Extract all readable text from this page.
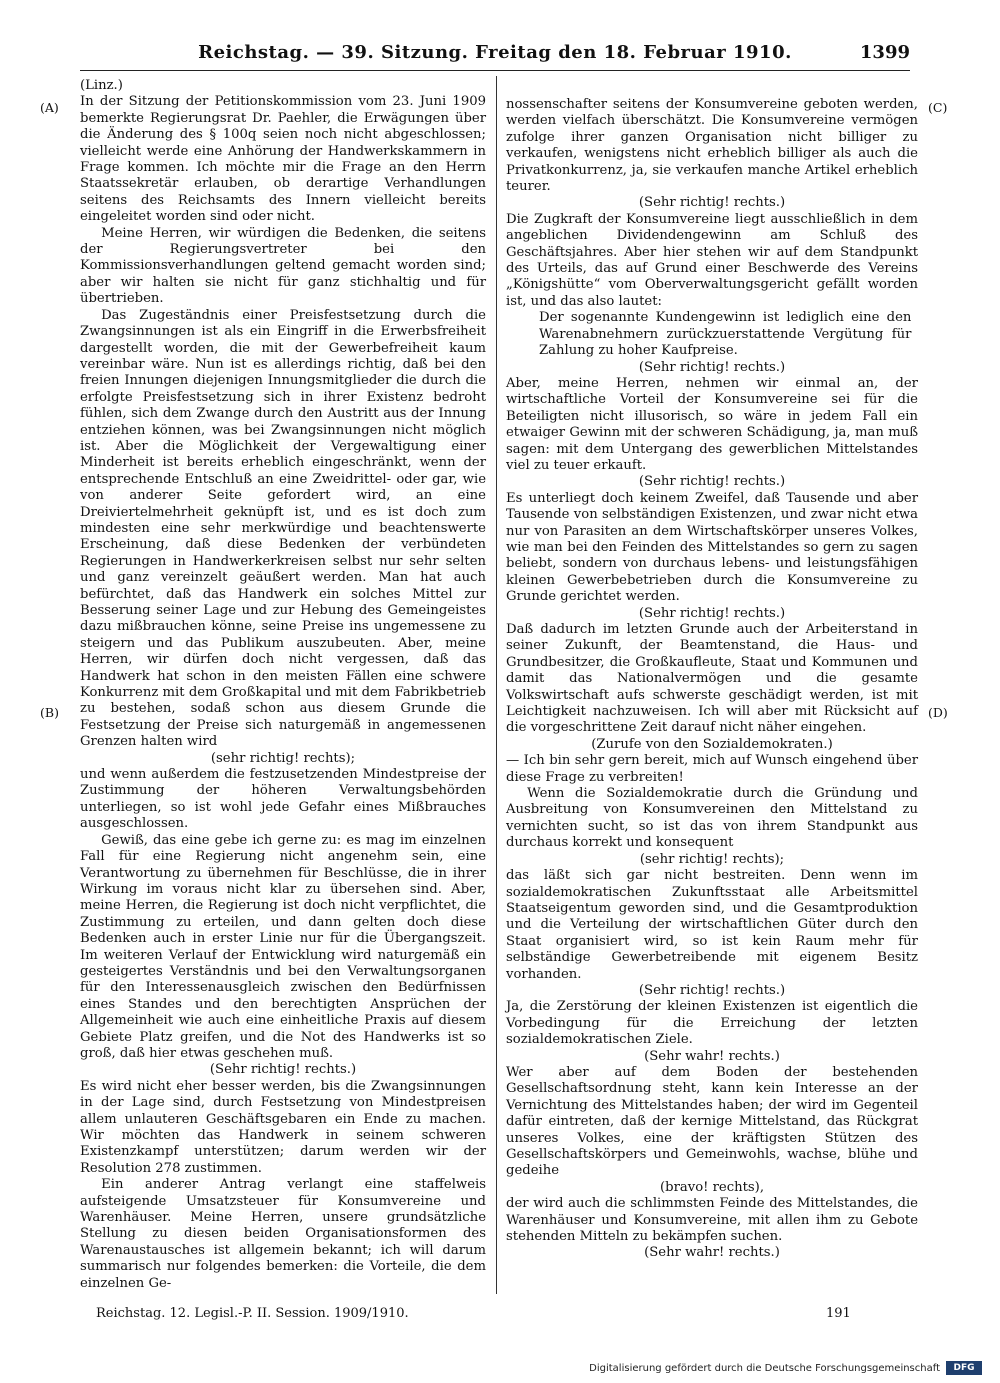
Reichstag. — 39. Sitzung. Freitag den 18. Februar 1910.	1399
(A)
(B)
(C)
(D)

(Linz.)

In der Sitzung der Petitionskommission vom 23. Juni 1909 bemerkte Regierungsrat Dr. Paehler, die Erwägungen über die Änderung des § 100q seien noch nicht abgeschlossen; vielleicht werde eine Anhörung der Handwerkskammern in Frage kommen. Ich möchte mir die Frage an den Herrn Staatssekretär erlauben, ob derartige Verhandlungen seitens des Reichsamts des Innern vielleicht bereits eingeleitet worden sind oder nicht.

Meine Herren, wir würdigen die Bedenken, die seitens der Regierungsvertreter bei den Kommissionsverhandlungen geltend gemacht worden sind; aber wir halten sie nicht für ganz stichhaltig und für übertrieben.

Das Zugeständnis einer Preisfestsetzung durch die Zwangsinnungen ist als ein Eingriff in die Erwerbsfreiheit dargestellt worden, die mit der Gewerbefreiheit kaum vereinbar wäre. Nun ist es allerdings richtig, daß bei den freien Innungen diejenigen Innungsmitglieder die durch die erfolgte Preisfestsetzung sich in ihrer Existenz bedroht fühlen, sich dem Zwange durch den Austritt aus der Innung entziehen können, was bei Zwangsinnungen nicht möglich ist. Aber die Möglichkeit der Vergewaltigung einer Minderheit ist bereits erheblich eingeschränkt, wenn der entsprechende Entschluß an eine Zweidrittel- oder gar, wie von anderer Seite gefordert wird, an eine Dreiviertelmehrheit geknüpft ist, und es ist doch zum mindesten eine sehr merkwürdige und beachtenswerte Erscheinung, daß diese Bedenken der verbündeten Regierungen in Handwerkerkreisen selbst nur sehr selten und ganz vereinzelt geäußert werden. Man hat auch befürchtet, daß das Handwerk ein solches Mittel zur Besserung seiner Lage und zur Hebung des Gemeingeistes dazu mißbrauchen könne, seine Preise ins ungemessene zu steigern und das Publikum auszubeuten. Aber, meine Herren, wir dürfen doch nicht vergessen, daß das Handwerk hat schon in den meisten Fällen eine schwere Konkurrenz mit dem Großkapital und mit dem Fabrikbetrieb zu bestehen, sodaß schon aus diesem Grunde die Festsetzung der Preise sich naturgemäß in angemessenen Grenzen halten wird

(sehr richtig! rechts);

und wenn außerdem die festzusetzenden Mindestpreise der Zustimmung der höheren Verwaltungsbehörden unterliegen, so ist wohl jede Gefahr eines Mißbrauches ausgeschlossen.

Gewiß, das eine gebe ich gerne zu: es mag im einzelnen Fall für eine Regierung nicht angenehm sein, eine Verantwortung zu übernehmen für Beschlüsse, die in ihrer Wirkung im voraus nicht klar zu übersehen sind. Aber, meine Herren, die Regierung ist doch nicht verpflichtet, die Zustimmung zu erteilen, und dann gelten doch diese Bedenken auch in erster Linie nur für die Übergangszeit. Im weiteren Verlauf der Entwicklung wird naturgemäß ein gesteigertes Verständnis und bei den Verwaltungsorganen für den Interessenausgleich zwischen den Bedürfnissen eines Standes und den berechtigten Ansprüchen der Allgemeinheit wie auch eine einheitliche Praxis auf diesem Gebiete Platz greifen, und die Not des Handwerks ist so groß, daß hier etwas geschehen muß.

(Sehr richtig! rechts.)

Es wird nicht eher besser werden, bis die Zwangsinnungen in der Lage sind, durch Festsetzung von Mindestpreisen allem unlauteren Geschäftsgebaren ein Ende zu machen. Wir möchten das Handwerk in seinem schweren Existenzkampf unterstützen; darum werden wir der Resolution 278 zustimmen.

Ein anderer Antrag verlangt eine staffelweis aufsteigende Umsatzsteuer für Konsumvereine und Warenhäuser. Meine Herren, unsere grundsätzliche Stellung zu diesen beiden Organisationsformen des Warenaustausches ist allgemein bekannt; ich will darum summarisch nur folgendes bemerken: die Vorteile, die dem einzelnen Ge-

nossenschafter seitens der Konsumvereine geboten werden, werden vielfach überschätzt. Die Konsumvereine vermögen zufolge ihrer ganzen Organisation nicht billiger zu verkaufen, wenigstens nicht erheblich billiger als auch die Privatkonkurrenz, ja, sie verkaufen manche Artikel erheblich teurer.

(Sehr richtig! rechts.)

Die Zugkraft der Konsumvereine liegt ausschließlich in dem angeblichen Dividendengewinn am Schluß des Geschäftsjahres. Aber hier stehen wir auf dem Standpunkt des Urteils, das auf Grund einer Beschwerde des Vereins „Königshütte“ vom Oberverwaltungsgericht gefällt worden ist, und das also lautet:

Der sogenannte Kundengewinn ist lediglich eine den Warenabnehmern zurückzuerstattende Vergütung für Zahlung zu hoher Kaufpreise.

(Sehr richtig! rechts.)

Aber, meine Herren, nehmen wir einmal an, der wirtschaftliche Vorteil der Konsumvereine sei für die Beteiligten nicht illusorisch, so wäre in jedem Fall ein etwaiger Gewinn mit der schweren Schädigung, ja, man muß sagen: mit dem Untergang des gewerblichen Mittelstandes viel zu teuer erkauft.

(Sehr richtig! rechts.)

Es unterliegt doch keinem Zweifel, daß Tausende und aber Tausende von selbständigen Existenzen, und zwar nicht etwa nur von Parasiten an dem Wirtschaftskörper unseres Volkes, wie man bei den Feinden des Mittelstandes so gern zu sagen beliebt, sondern von durchaus lebens- und leistungsfähigen kleinen Gewerbebetrieben durch die Konsumvereine zu Grunde gerichtet werden.

(Sehr richtig! rechts.)

Daß dadurch im letzten Grunde auch der Arbeiterstand in seiner Zukunft, der Beamtenstand, die Haus- und Grundbesitzer, die Großkaufleute, Staat und Kommunen und damit das Nationalvermögen und die gesamte Volkswirtschaft aufs schwerste geschädigt werden, ist mit Leichtigkeit nachzuweisen. Ich will aber mit Rücksicht auf die vorgeschrittene Zeit darauf nicht näher eingehen.

(Zurufe von den Sozialdemokraten.)

— Ich bin sehr gern bereit, mich auf Wunsch eingehend über diese Frage zu verbreiten!

Wenn die Sozialdemokratie durch die Gründung und Ausbreitung von Konsumvereinen den Mittelstand zu vernichten sucht, so ist das von ihrem Standpunkt aus durchaus korrekt und konsequent

(sehr richtig! rechts);

das läßt sich gar nicht bestreiten. Denn wenn im sozialdemokratischen Zukunftsstaat alle Arbeitsmittel Staatseigentum geworden sind, und die Gesamtproduktion und die Verteilung der wirtschaftlichen Güter durch den Staat organisiert wird, so ist kein Raum mehr für selbständige Gewerbetreibende mit eigenem Besitz vorhanden.

(Sehr richtig! rechts.)

Ja, die Zerstörung der kleinen Existenzen ist eigentlich die Vorbedingung für die Erreichung der letzten sozialdemokratischen Ziele.

(Sehr wahr! rechts.)

Wer aber auf dem Boden der bestehenden Gesellschaftsordnung steht, kann kein Interesse an der Vernichtung des Mittelstandes haben; der wird im Gegenteil dafür eintreten, daß der kernige Mittelstand, das Rückgrat unseres Volkes, eine der kräftigsten Stützen des Gesellschaftskörpers und Gemeinwohls, wachse, blühe und gedeihe

(bravo! rechts),

der wird auch die schlimmsten Feinde des Mittelstandes, die Warenhäuser und Konsumvereine, mit allen ihm zu Gebote stehenden Mitteln zu bekämpfen suchen.

(Sehr wahr! rechts.)

Reichstag. 12. Legisl.-P. II. Session. 1909/1910.	191
Digitalisierung gefördert durch die Deutsche Forschungsgemeinschaft	DFG
